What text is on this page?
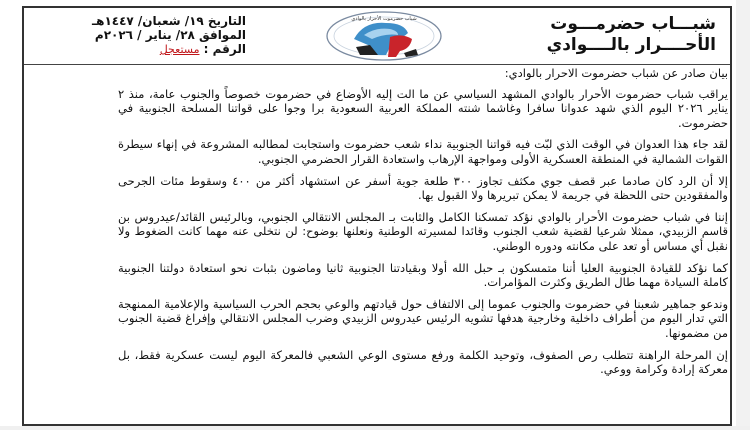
شبـــاب حضرمـــوت
الأحــــرار بالــــوادي
شباب حضرموت الأحرار بالوادي
التاريخ ١٩/ شعبان/ ١٤٤٧هـ
الموافق ٢٨/ يناير / ٢٠٢٦م
الرقم : مستعجل

بيان صادر عن شباب حضرموت الاحرار بالوادي:

يراقب شباب حضرموت الأحرار بالوادي المشهد السياسي عن ما الت إليه الأوضاع في حضرموت خصوصاً والجنوب عامة، منذ ٢ يناير ٢٠٢٦ اليوم الذي شهد عدوانا سافرا وغاشما شنته المملكة العربية السعودية برا وجوا على قواتنا المسلحة الجنوبية في حضرموت.

لقد جاء هذا العدوان في الوقت الذي لبّت فيه قواتنا الجنوبية نداء شعب حضرموت واستجابت لمطالبه المشروعة في إنهاء سيطرة القوات الشمالية في المنطقة العسكرية الأولى ومواجهة الإرهاب واستعادة القرار الحضرمي الجنوبي.

إلا أن الرد كان صادما عبر قصف جوي مكثف تجاوز ٣٠٠ طلعة جوية أسفر عن استشهاد أكثر من ٤٠٠ وسقوط مئات الجرحى والمفقودين حتى اللحظة في جريمة لا يمكن تبريرها ولا القبول بها.

إننا في شباب حضرموت الأحرار بالوادي نؤكد تمسكنا الكامل والثابت بـ المجلس الانتقالي الجنوبي، وبالرئيس القائد/عيدروس بن قاسم الزبيدي، ممثلا شرعيا لقضية شعب الجنوب وقائدا لمسيرته الوطنية ونعلنها بوضوح: لن نتخلى عنه مهما كانت الضغوط ولا نقبل أي مساس أو تعد على مكانته ودوره الوطني.

كما نؤكد للقيادة الجنوبية العليا أننا متمسكون بـ حبل الله أولا وبقيادتنا الجنوبية ثانيا وماضون بثبات نحو استعادة دولتنا الجنوبية كاملة السيادة مهما طال الطريق وكثرت المؤامرات.

وندعو جماهير شعبنا في حضرموت والجنوب عموما إلى الالتفاف حول قيادتهم والوعي بحجم الحرب السياسية والإعلامية الممنهجة التي تدار اليوم من أطراف داخلية وخارجية هدفها تشويه الرئيس عيدروس الزبيدي وضرب المجلس الانتقالي وإفراغ قضية الجنوب من مضمونها.

إن المرحلة الراهنة تتطلب رص الصفوف، وتوحيد الكلمة ورفع مستوى الوعي الشعبي فالمعركة اليوم ليست عسكرية فقط، بل معركة إرادة وكرامة ووعي.
